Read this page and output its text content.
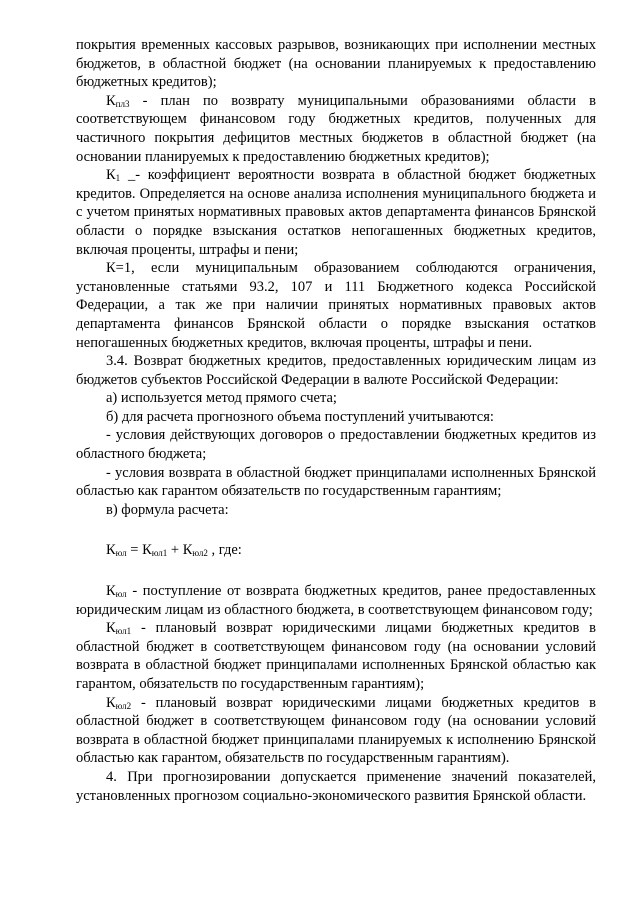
покрытия временных кассовых разрывов, возникающих при исполнении местных бюджетов, в областной бюджет (на основании планируемых к предоставлению бюджетных кредитов);

$К_{пл3}$ - план по возврату муниципальными образованиями области в соответствующем финансовом году бюджетных кредитов, полученных для частичного покрытия дефицитов местных бюджетов в областной бюджет (на основании планируемых к предоставлению бюджетных кредитов);

$К_1$ _- коэффициент вероятности возврата в областной бюджет бюджетных кредитов. Определяется на основе анализа исполнения муниципального бюджета и с учетом принятых нормативных правовых актов департамента финансов Брянской области о порядке взыскания остатков непогашенных бюджетных кредитов, включая проценты, штрафы и пени;

К=1, если муниципальным образованием соблюдаются ограничения, установленные статьями 93.2, 107 и 111 Бюджетного кодекса Российской Федерации, а так же при наличии принятых нормативных правовых актов департамента финансов Брянской области о порядке взыскания остатков непогашенных бюджетных кредитов, включая проценты, штрафы и пени.

3.4. Возврат бюджетных кредитов, предоставленных юридическим лицам из бюджетов субъектов Российской Федерации в валюте Российской Федерации:

а) используется метод прямого счета;

б) для расчета прогнозного объема поступлений учитываются:

- условия действующих договоров о предоставлении бюджетных кредитов из областного бюджета;

- условия возврата в областной бюджет принципалами исполненных Брянской областью как гарантом обязательств по государственным гарантиям;

в) формула расчета:

$К_{юл} = К_{юл1} + К_{юл2}$ , где:

$К_{юл}$ - поступление от возврата бюджетных кредитов, ранее предоставленных юридическим лицам из областного бюджета, в соответствующем финансовом году;

$К_{юл1}$ - плановый возврат юридическими лицами бюджетных кредитов в областной бюджет в соответствующем финансовом году (на основании условий возврата в областной бюджет принципалами исполненных Брянской областью как гарантом, обязательств по государственным гарантиям);

$К_{юл2}$ - плановый возврат юридическими лицами бюджетных кредитов в областной бюджет в соответствующем финансовом году (на основании условий возврата в областной бюджет принципалами планируемых к исполнению Брянской областью как гарантом, обязательств по государственным гарантиям).

4. При прогнозировании допускается применение значений показателей, установленных прогнозом социально-экономического развития Брянской области.
